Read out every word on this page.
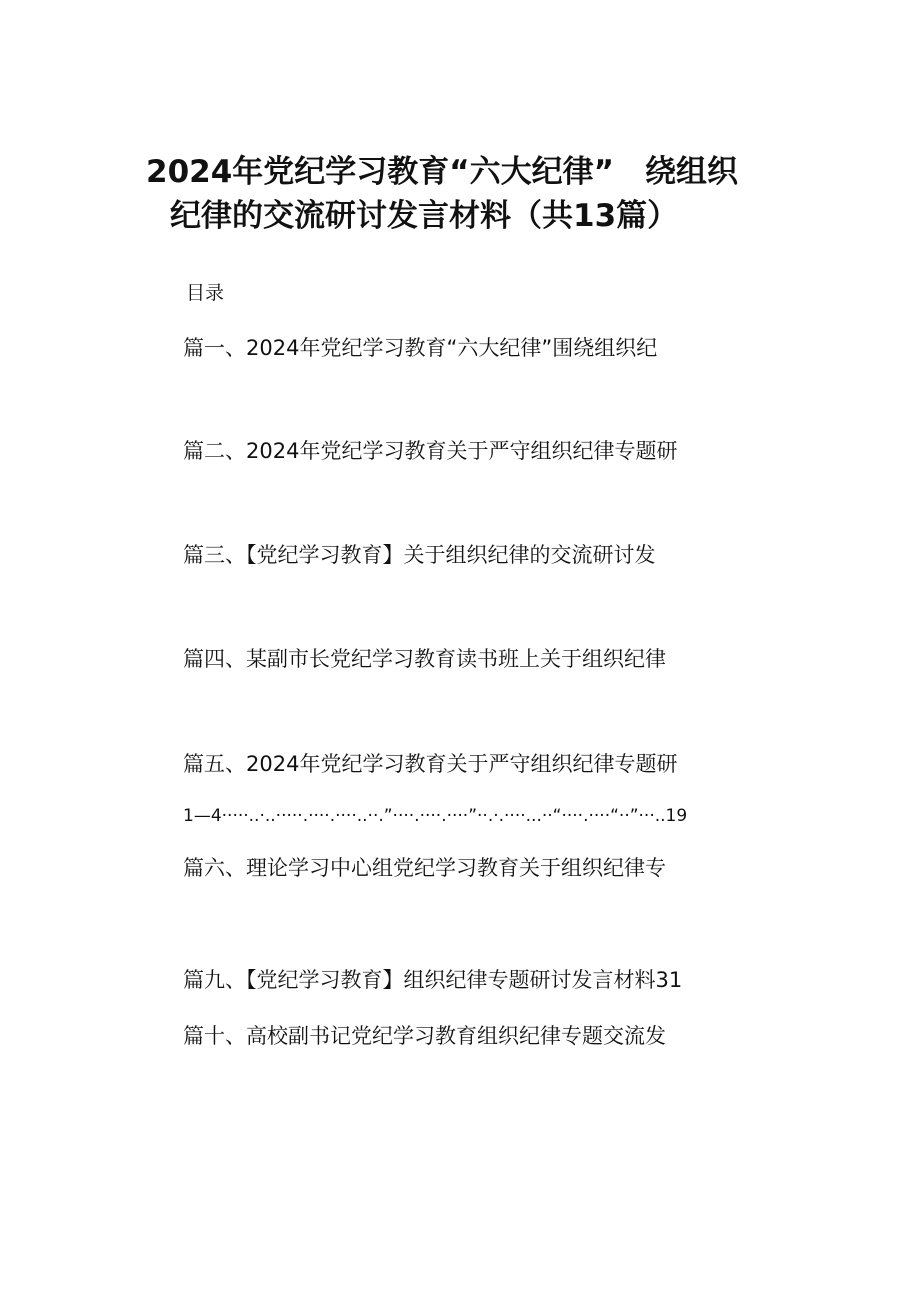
2024年党纪学习教育“六大纪律”　绕组织
纪律的交流研讨发言材料（共13篇）
目录
篇一、2024年党纪学习教育“六大纪律”围绕组织纪
篇二、2024年党纪学习教育关于严守组织纪律专题研
篇三、【党纪学习教育】关于组织纪律的交流研讨发
篇四、某副市长党纪学习教育读书班上关于组织纪律
篇五、2024年党纪学习教育关于严守组织纪律专题研
1—4·····..·..·····.····.····..··.”····.····.····”··.·.····...··“····.····“··”···..19
篇六、理论学习中心组党纪学习教育关于组织纪律专
篇九、【党纪学习教育】组织纪律专题研讨发言材料31
篇十、高校副书记党纪学习教育组织纪律专题交流发
